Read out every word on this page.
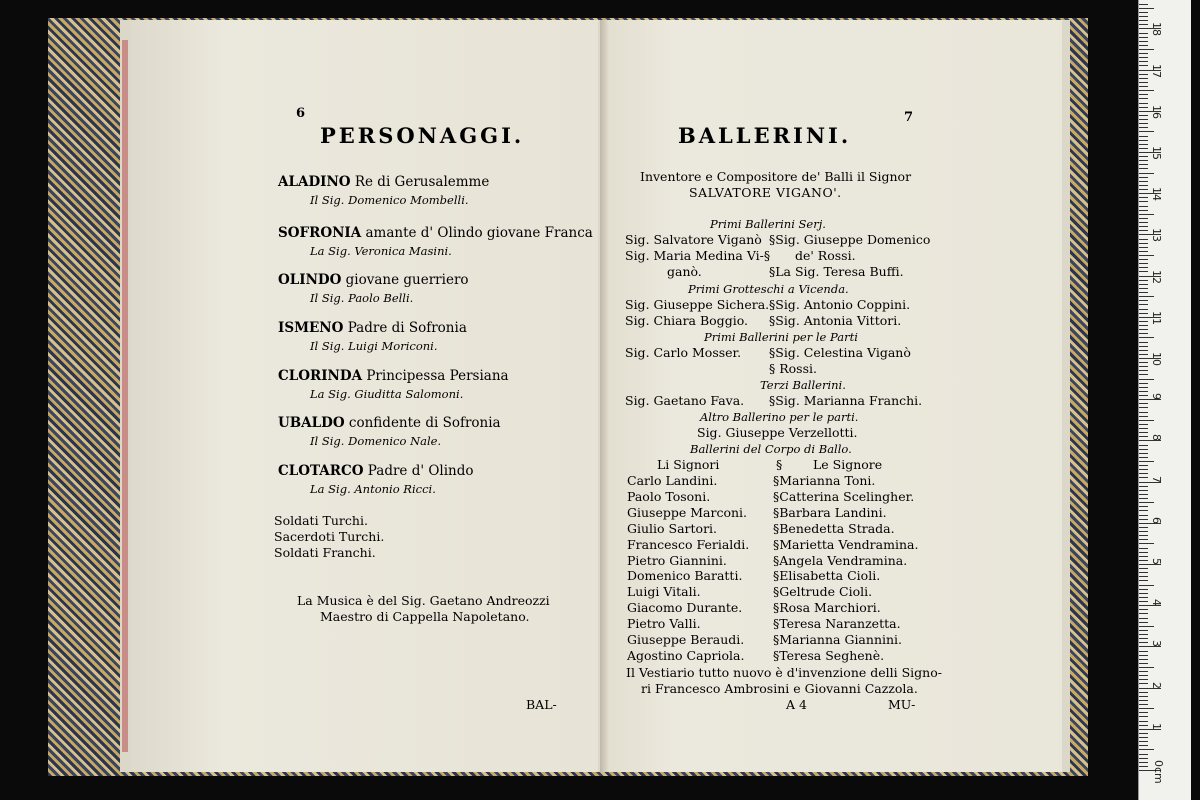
6
PERSONAGGI.
ALADINO Re di Gerusalemme
Il Sig. Domenico Mombelli.
SOFRONIA amante d' Olindo giovane Franca
La Sig. Veronica Masini.
OLINDO giovane guerriero
Il Sig. Paolo Belli.
ISMENO Padre di Sofronia
Il Sig. Luigi Moriconi.
CLORINDA Principessa Persiana
La Sig. Giuditta Salomoni.
UBALDO confidente di Sofronia
Il Sig. Domenico Nale.
CLOTARCO Padre d' Olindo
La Sig. Antonio Ricci.
Soldati Turchi.
Sacerdoti Turchi.
Soldati Franchi.
La Musica è del Sig. Gaetano Andreozzi
Maestro di Cappella Napoletano.
BAL-
7
BALLERINI.
Inventore e Compositore de' Balli il Signor
SALVATORE VIGANO'.
Primi Ballerini Serj.
Sig. Salvatore Viganò §Sig. Giuseppe Domenico
Sig. Maria Medina Vi-§ de' Rossi.
ganò.	§La Sig. Teresa Buffi.
Primi Grotteschi a Vicenda.
Sig. Giuseppe Sichera. §Sig. Antonio Coppini.
Sig. Chiara Boggio. §Sig. Antonia Vittori.
Primi Ballerini per le Parti
Sig. Carlo Mosser. §Sig. Celestina Viganò
§ Rossi.
Terzi Ballerini.
Sig. Gaetano Fava. §Sig. Marianna Franchi.
Altro Ballerino per le parti.
Sig. Giuseppe Verzellotti.
Ballerini del Corpo di Ballo.
Li Signori	§ Le Signore
Carlo Landini.	§Marianna Toni.
Paolo Tosoni.	§Catterina Scelingher.
Giuseppe Marconi. §Barbara Landini.
Giulio Sartori.	§Benedetta Strada.
Francesco Ferialdi. §Marietta Vendramina.
Pietro Giannini.	§Angela Vendramina.
Domenico Baratti. §Elisabetta Cioli.
Luigi Vitali.	§Geltrude Cioli.
Giacomo Durante. §Rosa Marchiori.
Pietro Valli.	§Teresa Naranzetta.
Giuseppe Beraudi. §Marianna Giannini.
Agostino Capriola. §Teresa Seghenè.
Il Vestiario tutto nuovo è d'invenzione delli Signo-
ri Francesco Ambrosini e Giovanni Cazzola.
A 4	MU-
1
2
3
4
5
6
7
8
9
10
11
12
13
14
15
16
17
18
0cm
